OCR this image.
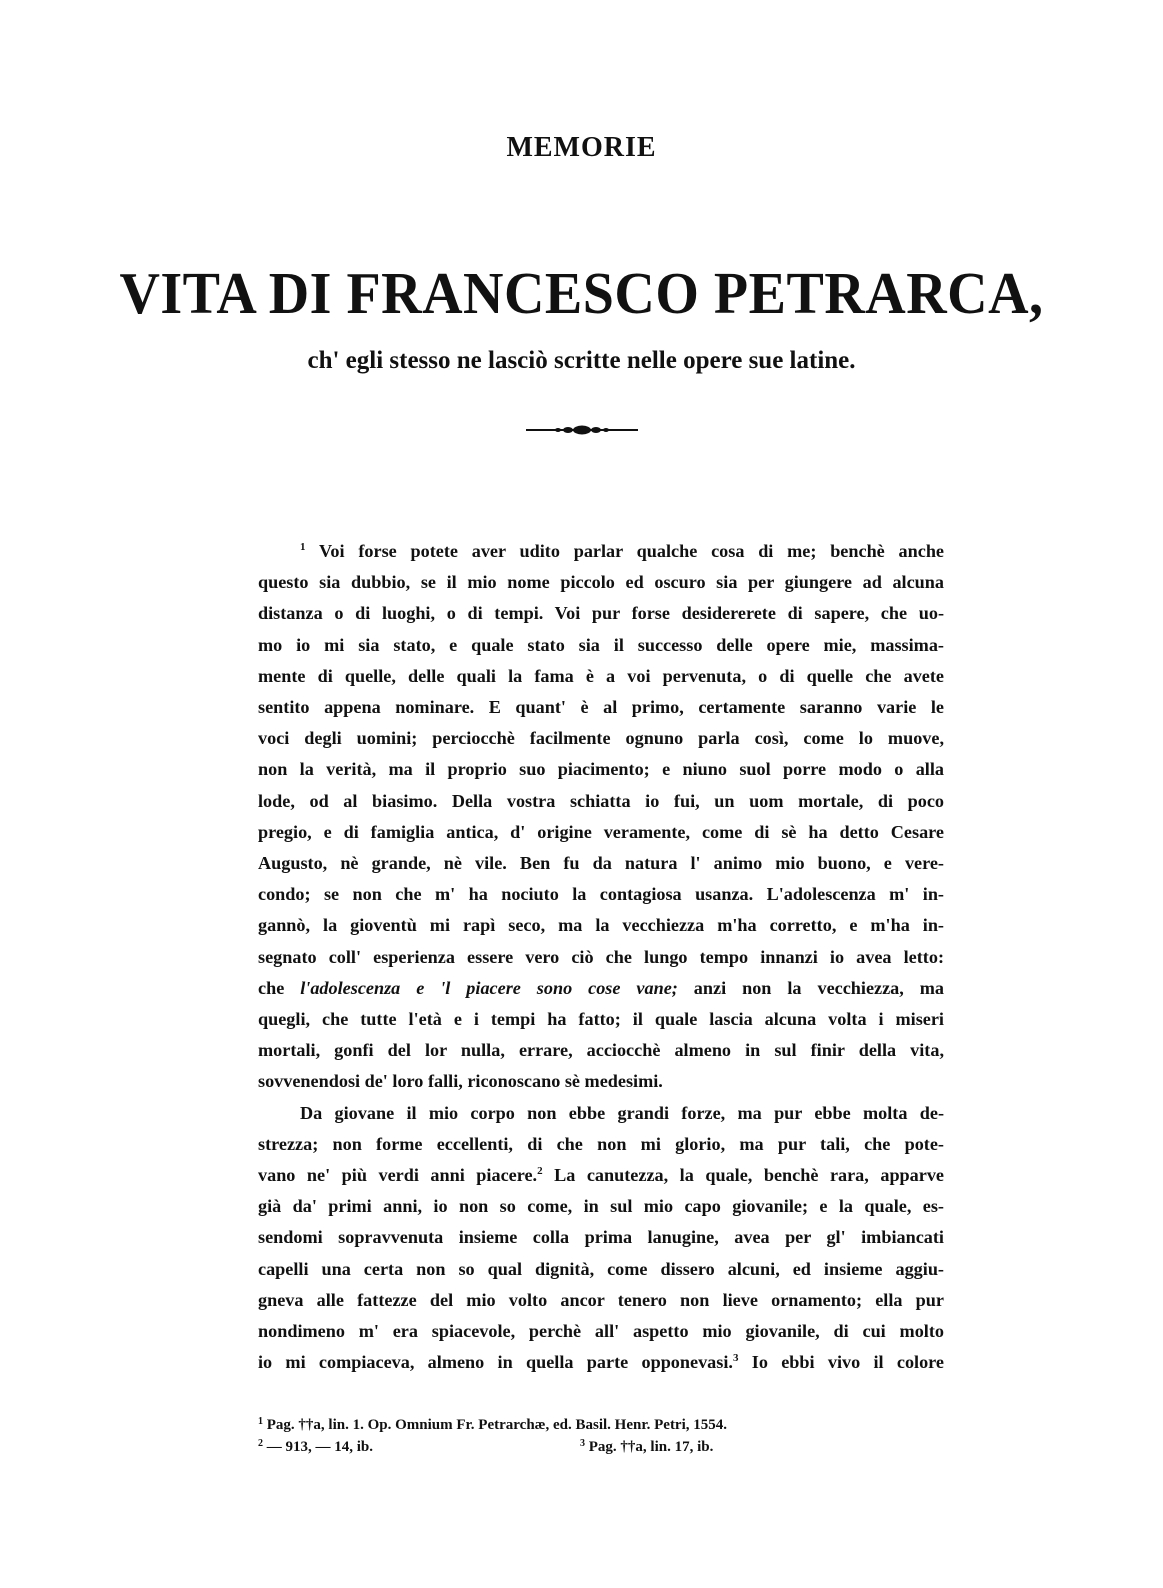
MEMORIE
VITA DI FRANCESCO PETRARCA,
ch' egli stesso ne lasciò scritte nelle opere sue latine.
$^1$ Voi forse potete aver udito parlar qualche cosa di me; benchè anche
questo sia dubbio, se il mio nome piccolo ed oscuro sia per giungere ad alcuna
distanza o di luoghi, o di tempi. Voi pur forse desidererete di sapere, che uo-
mo io mi sia stato, e quale stato sia il successo delle opere mie, massima-
mente di quelle, delle quali la fama è a voi pervenuta, o di quelle che avete
sentito appena nominare. E quant' è al primo, certamente saranno varie le
voci degli uomini; perciocchè facilmente ognuno parla così, come lo muove,
non la verità, ma il proprio suo piacimento; e niuno suol porre modo o alla
lode, od al biasimo. Della vostra schiatta io fui, un uom mortale, di poco
pregio, e di famiglia antica, d' origine veramente, come di sè ha detto Cesare
Augusto, nè grande, nè vile. Ben fu da natura l' animo mio buono, e vere-
condo; se non che m' ha nociuto la contagiosa usanza. L'adolescenza m' in-
gannò, la gioventù mi rapì seco, ma la vecchiezza m'ha corretto, e m'ha in-
segnato coll' esperienza essere vero ciò che lungo tempo innanzi io avea letto:
che l'adolescenza e 'l piacere sono cose vane; anzi non la vecchiezza, ma
quegli, che tutte l'età e i tempi ha fatto; il quale lascia alcuna volta i miseri
mortali, gonfi del lor nulla, errare, acciocchè almeno in sul finir della vita,
sovvenendosi de' loro falli, riconoscano sè medesimi.
Da giovane il mio corpo non ebbe grandi forze, ma pur ebbe molta de-
strezza; non forme eccellenti, di che non mi glorio, ma pur tali, che pote-
vano ne' più verdi anni piacere.$^2$ La canutezza, la quale, benchè rara, apparve
già da' primi anni, io non so come, in sul mio capo giovanile; e la quale, es-
sendomi sopravvenuta insieme colla prima lanugine, avea per gl' imbiancati
capelli una certa non so qual dignità, come dissero alcuni, ed insieme aggiu-
gneva alle fattezze del mio volto ancor tenero non lieve ornamento; ella pur
nondimeno m' era spiacevole, perchè all' aspetto mio giovanile, di cui molto
io mi compiaceva, almeno in quella parte opponevasi.$^3$ Io ebbi vivo il colore
$^1$ Pag. ††a, lin. 1. Op. Omnium Fr. Petrarchæ, ed. Basil. Henr. Petri, 1554.
$^2$ — 913, — 14, ib.	$^3$ Pag. ††a, lin. 17, ib.
